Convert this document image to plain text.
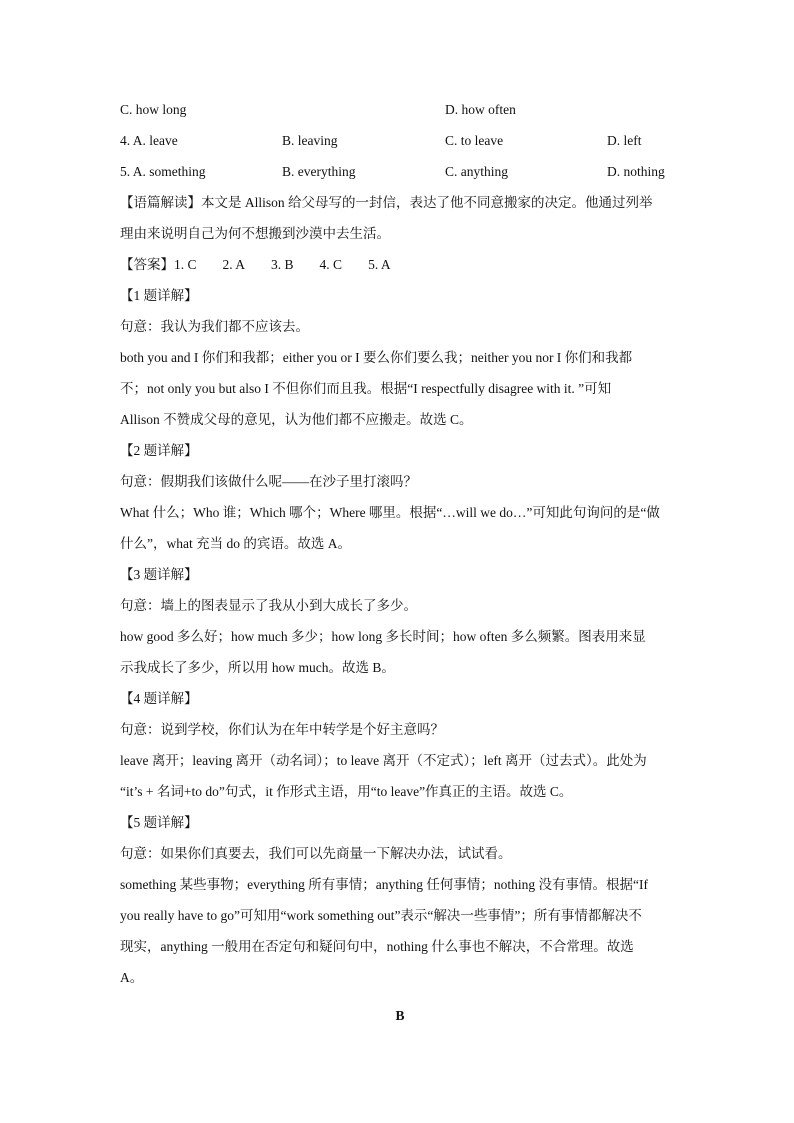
C. how long	D. how often
4. A. leave	B. leaving	C. to leave	D. left
5. A. something	B. everything	C. anything	D. nothing
【语篇解读】本文是 Allison 给父母写的一封信，表达了他不同意搬家的决定。他通过列举
理由来说明自己为何不想搬到沙漠中去生活。
【答案】1. C 2. A 3. B 4. C 5. A
【1 题详解】
句意：我认为我们都不应该去。
both you and I 你们和我都；either you or I 要么你们要么我；neither you nor I 你们和我都
不；not only you but also I 不但你们而且我。根据“I respectfully disagree with it. ”可知
Allison 不赞成父母的意见，认为他们都不应搬走。故选 C。
【2 题详解】
句意：假期我们该做什么呢——在沙子里打滚吗？
What 什么；Who 谁；Which 哪个；Where 哪里。根据“…will we do…”可知此句询问的是“做
什么”，what 充当 do 的宾语。故选 A。
【3 题详解】
句意：墙上的图表显示了我从小到大成长了多少。
how good 多么好；how much 多少；how long 多长时间；how often 多么频繁。图表用来显
示我成长了多少，所以用 how much。故选 B。
【4 题详解】
句意：说到学校，你们认为在年中转学是个好主意吗？
leave 离开；leaving 离开（动名词）；to leave 离开（不定式）；left 离开（过去式）。此处为
“it’s + 名词+to do”句式，it 作形式主语，用“to leave”作真正的主语。故选 C。
【5 题详解】
句意：如果你们真要去，我们可以先商量一下解决办法，试试看。
something 某些事物；everything 所有事情；anything 任何事情；nothing 没有事情。根据“If
you really have to go”可知用“work something out”表示“解决一些事情”；所有事情都解决不
现实，anything 一般用在否定句和疑问句中，nothing 什么事也不解决，不合常理。故选
A。
B
